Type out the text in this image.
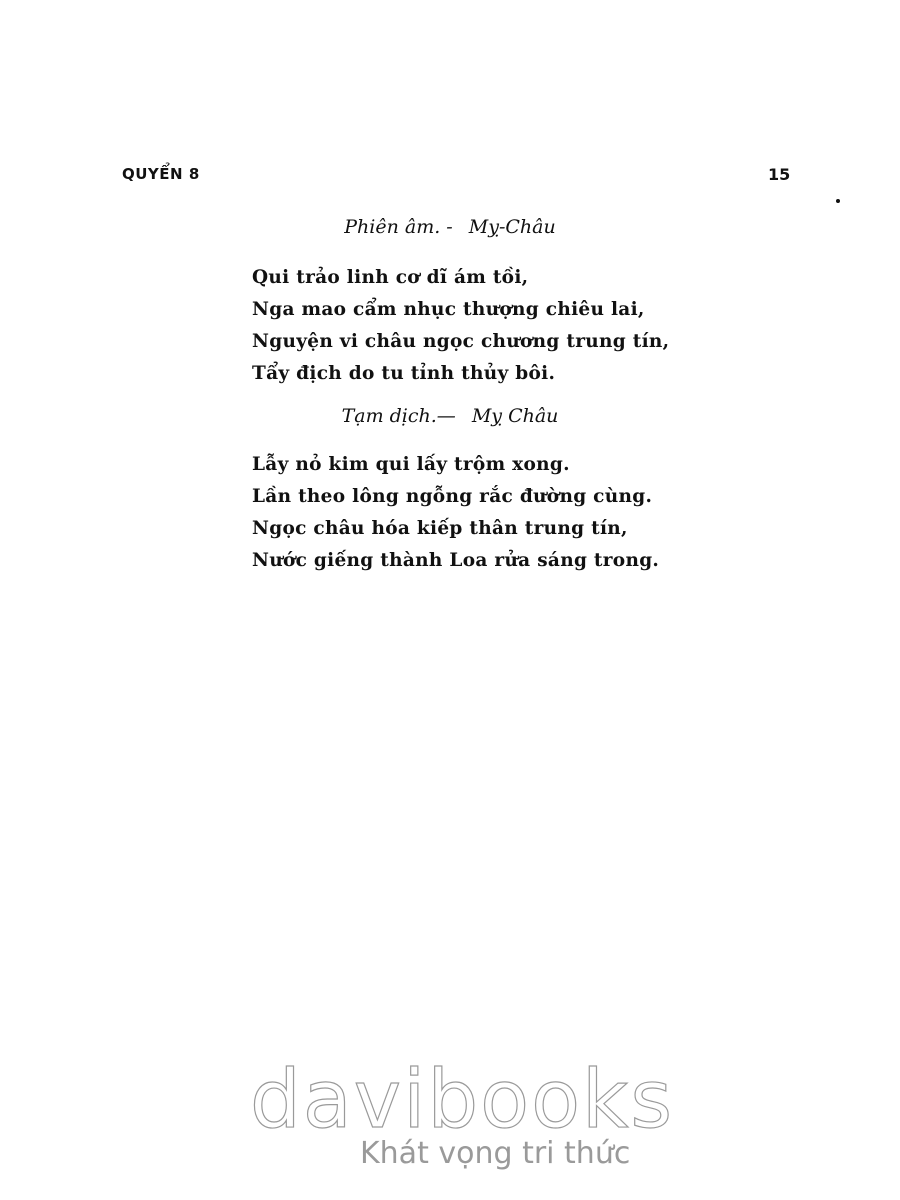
QUYỂN 8	15
Phiên âm. - Mỵ-Châu
Qui trảo linh cơ dĩ ám tồi,
Nga mao cẩm nhục thượng chiêu lai,
Nguyện vi châu ngọc chương trung tín,
Tẩy địch do tu tỉnh thủy bôi.
Tạm dịch.— Mỵ Châu
Lẫy nỏ kim qui lấy trộm xong.
Lần theo lông ngỗng rắc đường cùng.
Ngọc châu hóa kiếp thân trung tín,
Nước giếng thành Loa rửa sáng trong.
davibooks
Khát vọng tri thức
